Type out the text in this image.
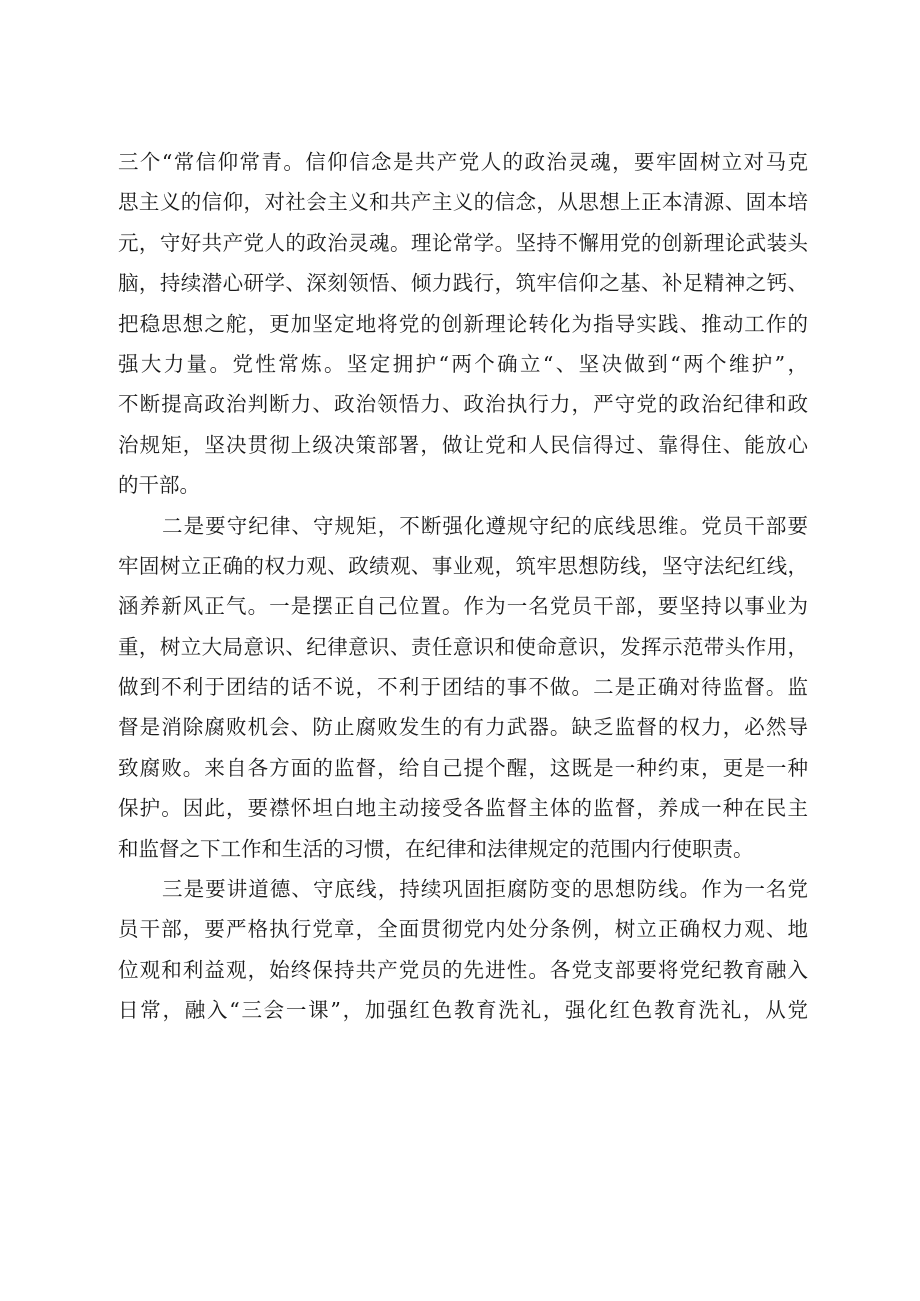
三个“常信仰常青。信仰信念是共产党人的政治灵魂，要牢固树立对马克
思主义的信仰，对社会主义和共产主义的信念，从思想上正本清源、固本培
元，守好共产党人的政治灵魂。理论常学。坚持不懈用党的创新理论武装头
脑，持续潜心研学、深刻领悟、倾力践行，筑牢信仰之基、补足精神之钙、
把稳思想之舵，更加坚定地将党的创新理论转化为指导实践、推动工作的
强大力量。党性常炼。坚定拥护“两个确立“、坚决做到“两个维护”，
不断提高政治判断力、政治领悟力、政治执行力，严守党的政治纪律和政
治规矩，坚决贯彻上级决策部署，做让党和人民信得过、靠得住、能放心
的干部。
二是要守纪律、守规矩，不断强化遵规守纪的底线思维。党员干部要
牢固树立正确的权力观、政绩观、事业观，筑牢思想防线，坚守法纪红线，
涵养新风正气。一是摆正自己位置。作为一名党员干部，要坚持以事业为
重，树立大局意识、纪律意识、责任意识和使命意识，发挥示范带头作用，
做到不利于团结的话不说，不利于团结的事不做。二是正确对待监督。监
督是消除腐败机会、防止腐败发生的有力武器。缺乏监督的权力，必然导
致腐败。来自各方面的监督，给自己提个醒，这既是一种约束，更是一种
保护。因此，要襟怀坦白地主动接受各监督主体的监督，养成一种在民主
和监督之下工作和生活的习惯，在纪律和法律规定的范围内行使职责。
三是要讲道德、守底线，持续巩固拒腐防变的思想防线。作为一名党
员干部，要严格执行党章，全面贯彻党内处分条例，树立正确权力观、地
位观和利益观，始终保持共产党员的先进性。各党支部要将党纪教育融入
日常，融入“三会一课”，加强红色教育洗礼，强化红色教育洗礼，从党
